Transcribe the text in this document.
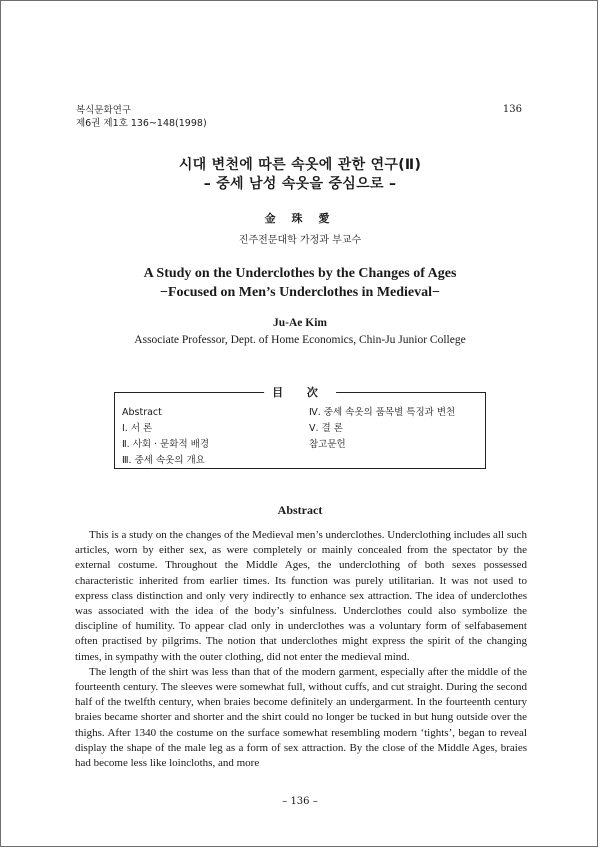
복식문화연구
제6권 제1호 136~148(1998)
136
시대 변천에 따른 속옷에 관한 연구(Ⅱ)
– 중세 남성 속옷을 중심으로 –
金 珠 愛
진주전문대학 가정과 부교수
A Study on the Underclothes by the Changes of Ages
−Focused on Men’s Underclothes in Medieval−
Ju-Ae Kim
Associate Professor, Dept. of Home Economics, Chin-Ju Junior College
目 次
Abstract
Ⅰ. 서 론
Ⅱ. 사회 · 문화적 배경
Ⅲ. 중세 속옷의 개요
Ⅳ. 중세 속옷의 품목별 특징과 변천
Ⅴ. 결 론
참고문헌
Abstract

This is a study on the changes of the Medieval men’s underclothes. Underclothing includes all such articles, worn by either sex, as were completely or mainly concealed from the spectator by the external costume. Throughout the Middle Ages, the underclothing of both sexes possessed characteristic inherited from earlier times. Its function was purely utilitarian. It was not used to express class distinction and only very indirectly to enhance sex attraction. The idea of underclothes was associated with the idea of the body’s sinfulness. Underclothes could also symbolize the discipline of humility. To appear clad only in underclothes was a voluntary form of selfabasement often practised by pilgrims. The notion that underclothes might express the spirit of the changing times, in sympathy with the outer clothing, did not enter the medieval mind.

The length of the shirt was less than that of the modern garment, especially after the middle of the fourteenth century. The sleeves were somewhat full, without cuffs, and cut straight. During the second half of the twelfth century, when braies become definitely an undergarment. In the fourteenth century braies became shorter and shorter and the shirt could no longer be tucked in but hung outside over the thighs. After 1340 the costume on the surface somewhat resembling modern ‘tights’, began to reveal display the shape of the male leg as a form of sex attraction. By the close of the Middle Ages, braies had become less like loincloths, and more

– 136 –
